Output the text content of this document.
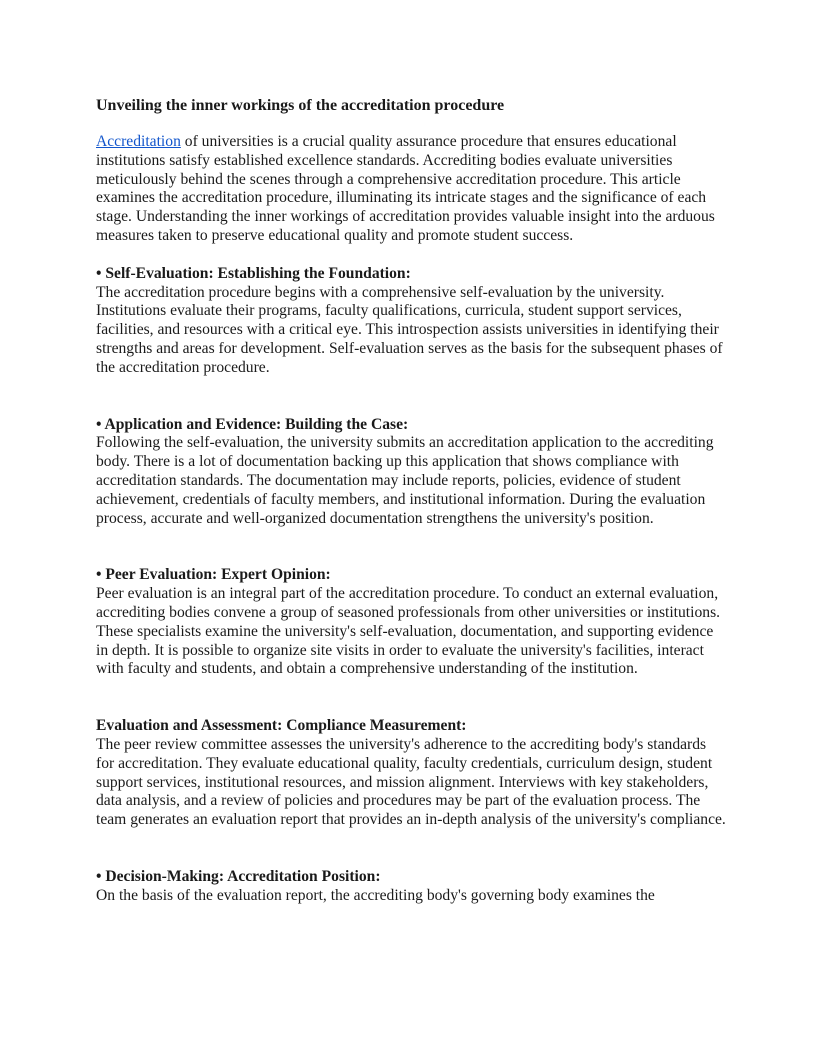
Unveiling the inner workings of the accreditation procedure

Accreditation of universities is a crucial quality assurance procedure that ensures educational institutions satisfy established excellence standards. Accrediting bodies evaluate universities meticulously behind the scenes through a comprehensive accreditation procedure. This article examines the accreditation procedure, illuminating its intricate stages and the significance of each stage. Understanding the inner workings of accreditation provides valuable insight into the arduous measures taken to preserve educational quality and promote student success.

• Self-Evaluation: Establishing the Foundation:

The accreditation procedure begins with a comprehensive self-evaluation by the university. Institutions evaluate their programs, faculty qualifications, curricula, student support services, facilities, and resources with a critical eye. This introspection assists universities in identifying their strengths and areas for development. Self-evaluation serves as the basis for the subsequent phases of the accreditation procedure.

• Application and Evidence: Building the Case:

Following the self-evaluation, the university submits an accreditation application to the accrediting body. There is a lot of documentation backing up this application that shows compliance with accreditation standards. The documentation may include reports, policies, evidence of student achievement, credentials of faculty members, and institutional information. During the evaluation process, accurate and well-organized documentation strengthens the university's position.

• Peer Evaluation: Expert Opinion:

Peer evaluation is an integral part of the accreditation procedure. To conduct an external evaluation, accrediting bodies convene a group of seasoned professionals from other universities or institutions. These specialists examine the university's self-evaluation, documentation, and supporting evidence in depth. It is possible to organize site visits in order to evaluate the university's facilities, interact with faculty and students, and obtain a comprehensive understanding of the institution.

Evaluation and Assessment: Compliance Measurement:

The peer review committee assesses the university's adherence to the accrediting body's standards for accreditation. They evaluate educational quality, faculty credentials, curriculum design, student support services, institutional resources, and mission alignment. Interviews with key stakeholders, data analysis, and a review of policies and procedures may be part of the evaluation process. The team generates an evaluation report that provides an in-depth analysis of the university's compliance.

• Decision-Making: Accreditation Position:

On the basis of the evaluation report, the accrediting body's governing body examines the
